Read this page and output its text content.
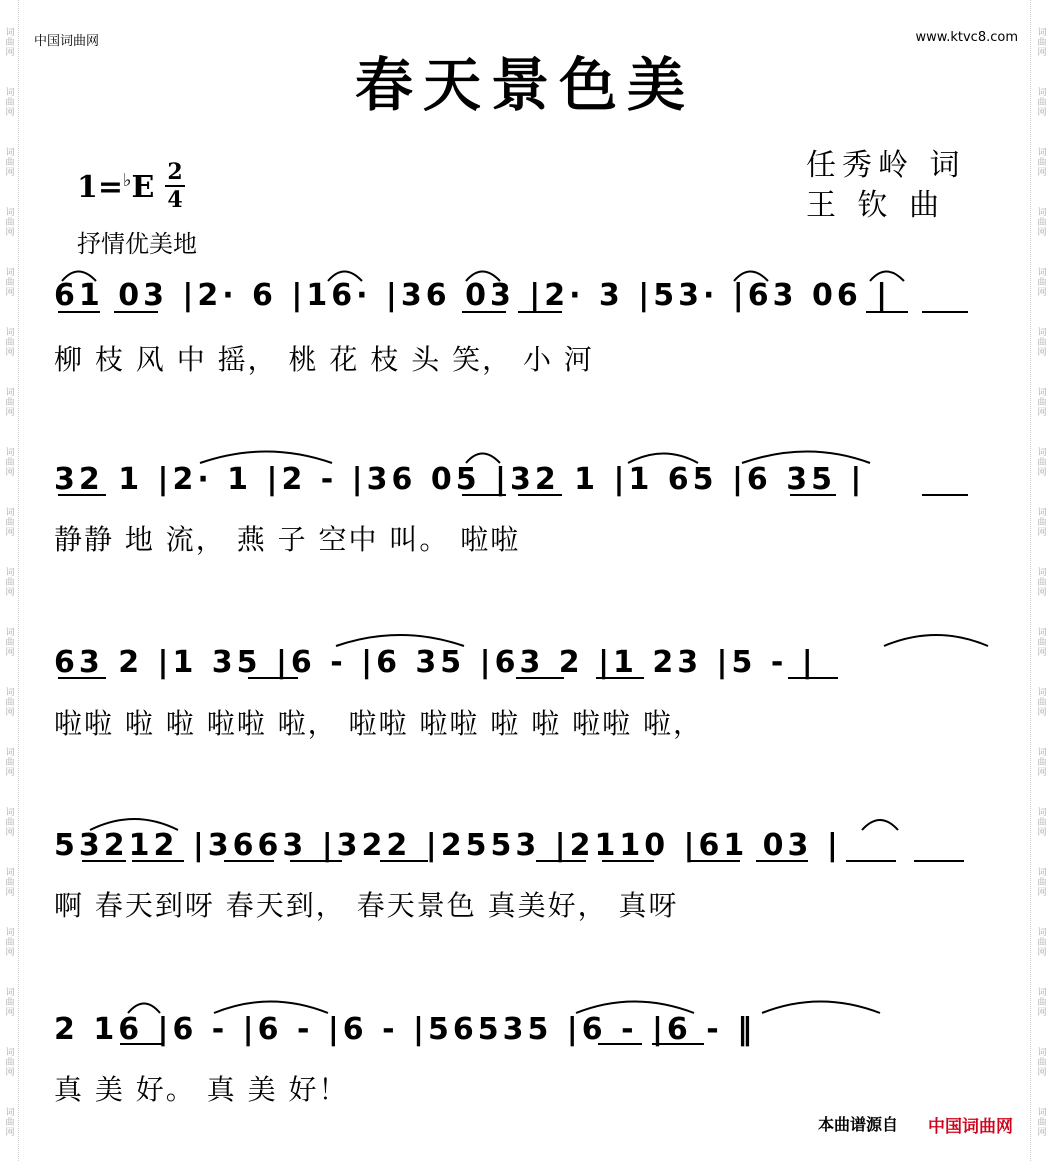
词
曲
网
词
曲
网
词
曲
网
词
曲
网
词
曲
网
词
曲
网
词
曲
网
词
曲
网
词
曲
网
词
曲
网
词
曲
网
词
曲
网
词
曲
网
词
曲
网
词
曲
网
词
曲
网
词
曲
网
词
曲
网
词
曲
网
词
曲
网
词
曲
网
词
曲
网
词
曲
网
词
曲
网
词
曲
网
词
曲
网
词
曲
网
词
曲
网
词
曲
网
词
曲
网
词
曲
网
词
曲
网
词
曲
网
词
曲
网
词
曲
网
词
曲
网
词
曲
网
词
曲
网
中国词曲网	www.ktvc8.com
春天景色美
任秀岭 词
王 钦 曲
1=♭E 2
4
抒情优美地
61 03 |2· 6 |16· |36 03 |2· 3 |53· |63 06 |
柳 枝 风 中 摇， 桃 花 枝 头 笑， 小 河
32 1 |2· 1 |2 - |36 05 |32 1 |1 65 |6 35 |
静静 地 流， 燕 子 空中 叫。 啦啦
63 2 |1 35 |6 - |6 35 |63 2 |1 23 |5 - |
啦啦 啦 啦 啦啦 啦， 啦啦 啦啦 啦 啦 啦啦 啦，
53212 |3663 |322 |2553 |2110 |61 03 |
啊 春天到呀 春天到， 春天景色 真美好， 真呀
2 16 |6 - |6 - |6 - |56535 |6 - |6 - ‖
真 美 好。 真 美 好！
本曲谱源自 中国词曲网
